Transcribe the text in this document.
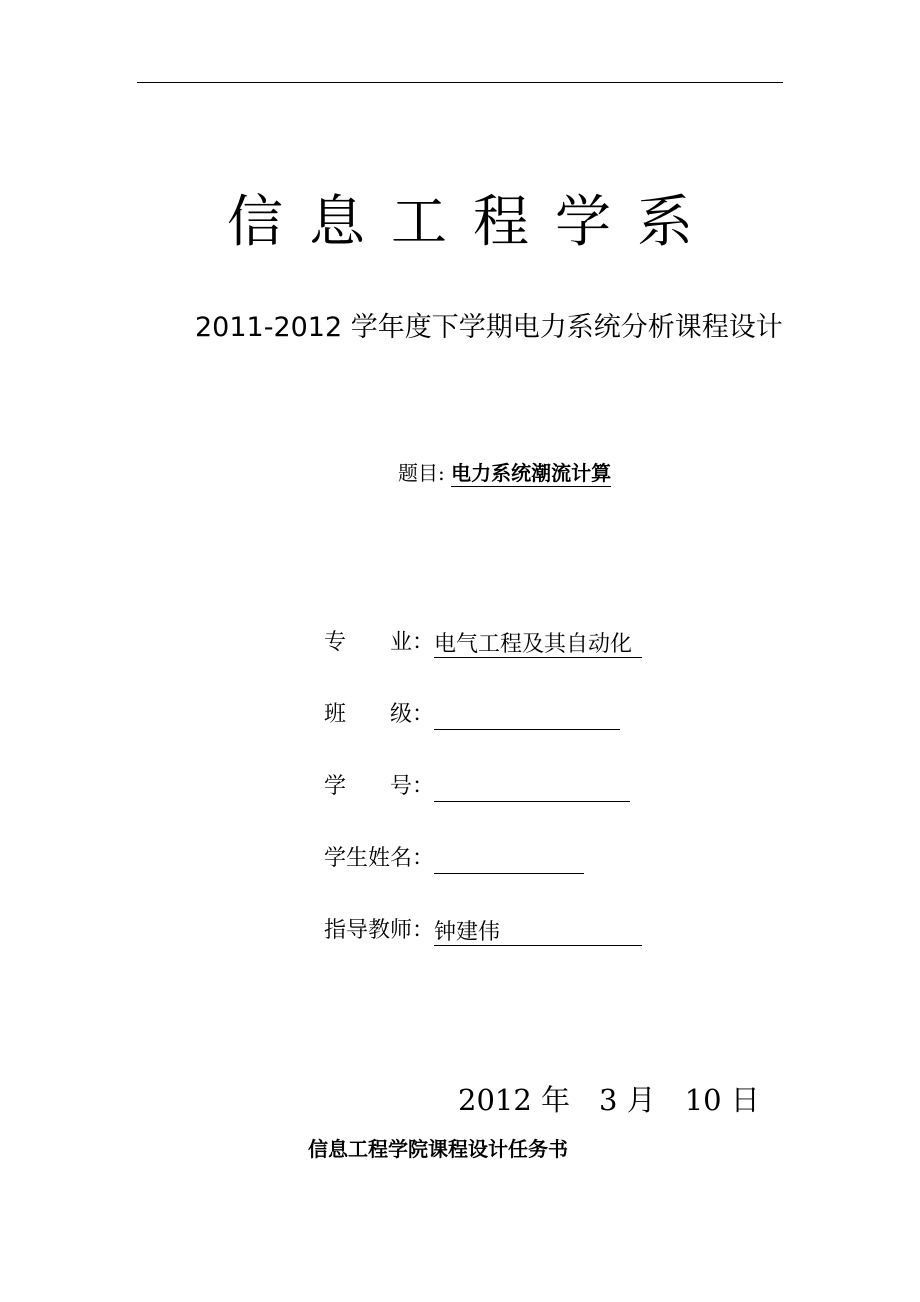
信息工程学系
2011-2012 学年度下学期电力系统分析课程设计
题目: 电力系统潮流计算
专　　业：电气工程及其自动化
班　　级：
学　　号：
学生姓名：
指导教师：钟建伟
2012 年　3 月　10 日
信息工程学院课程设计任务书
